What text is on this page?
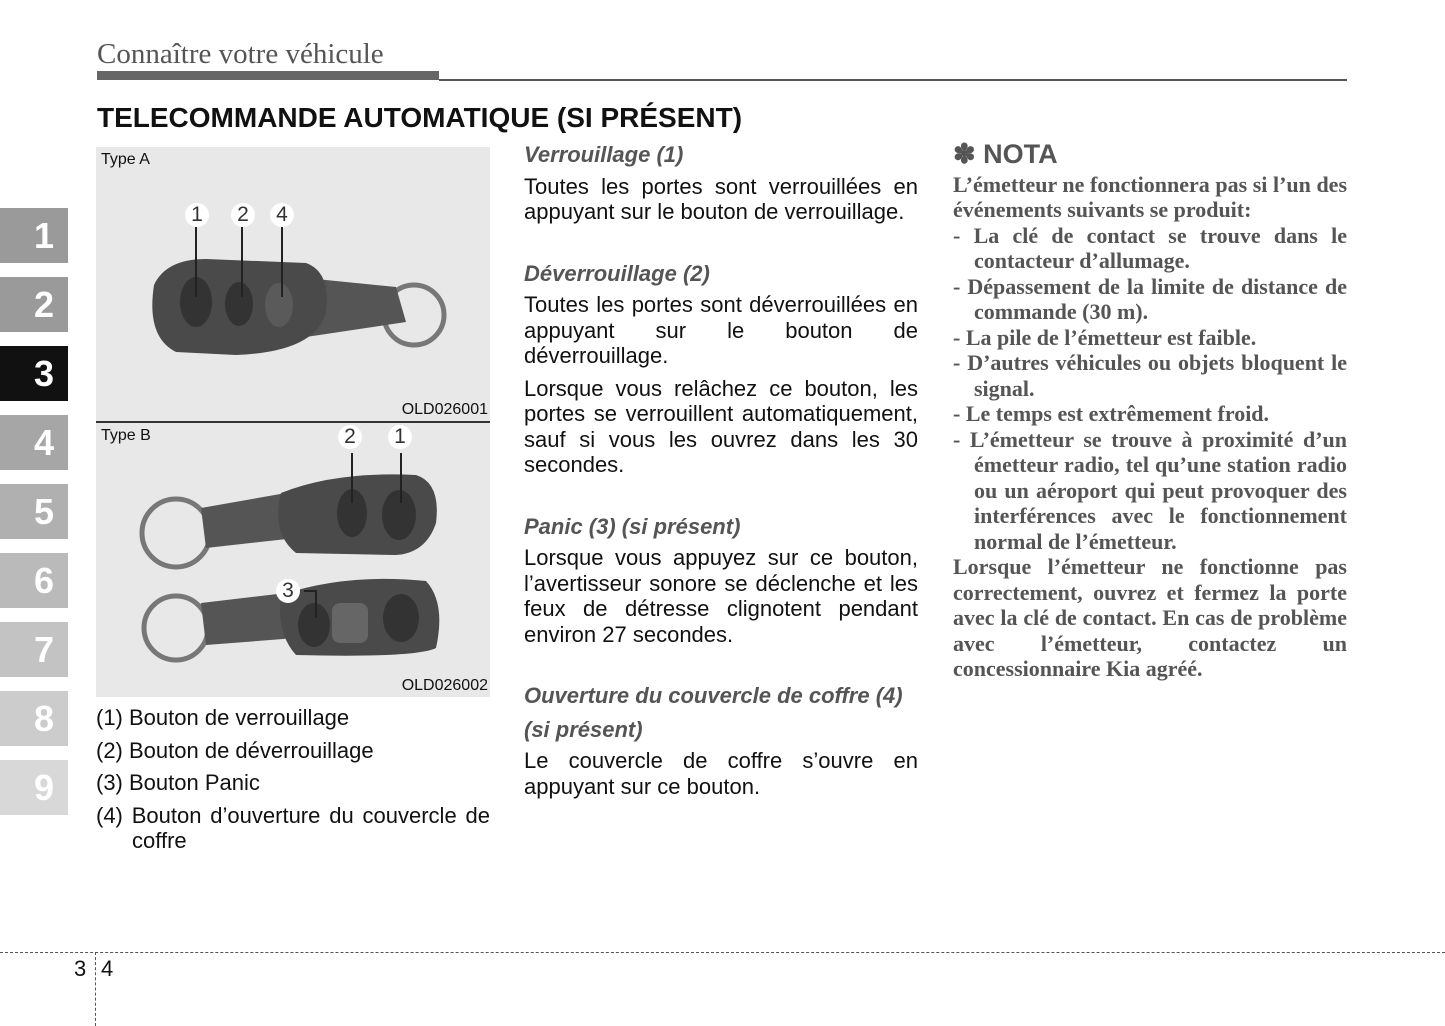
Connaître votre véhicule
TELECOMMANDE AUTOMATIQUE (SI PRÉSENT)
1
2
3
4
5
6
7
8
9
Type A
1 2 4
OLD026001
Type B	2 1
3
OLD026002
(1) Bouton de verrouillage
(2) Bouton de déverrouillage
(3) Bouton Panic
(4) Bouton d’ouverture du couvercle de coffre
Verrouillage (1)

Toutes les portes sont verrouillées en appuyant sur le bouton de verrouillage.

Déverrouillage (2)

Toutes les portes sont déverrouillées en appuyant sur le bouton de déverrouillage.

Lorsque vous relâchez ce bouton, les portes se verrouillent automatiquement, sauf si vous les ouvrez dans les 30 secondes.

Panic (3) (si présent)

Lorsque vous appuyez sur ce bouton, l’avertisseur sonore se déclenche et les feux de détresse clignotent pendant environ 27 secondes.

Ouverture du couvercle de coffre (4)
(si présent)

Le couvercle de coffre s’ouvre en appuyant sur ce bouton.

✽ NOTA

L’émetteur ne fonctionnera pas si l’un des événements suivants se produit:

- La clé de contact se trouve dans le contacteur d’allumage.
- Dépassement de la limite de distance de commande (30 m).
- La pile de l’émetteur est faible.
- D’autres véhicules ou objets bloquent le signal.
- Le temps est extrêmement froid.
- L’émetteur se trouve à proximité d’un émetteur radio, tel qu’une station radio ou un aéroport qui peut provoquer des interférences avec le fonctionnement normal de l’émetteur.

Lorsque l’émetteur ne fonctionne pas correctement, ouvrez et fermez la porte avec la clé de contact. En cas de problème avec l’émetteur, contactez un concessionnaire Kia agréé.

3 4
